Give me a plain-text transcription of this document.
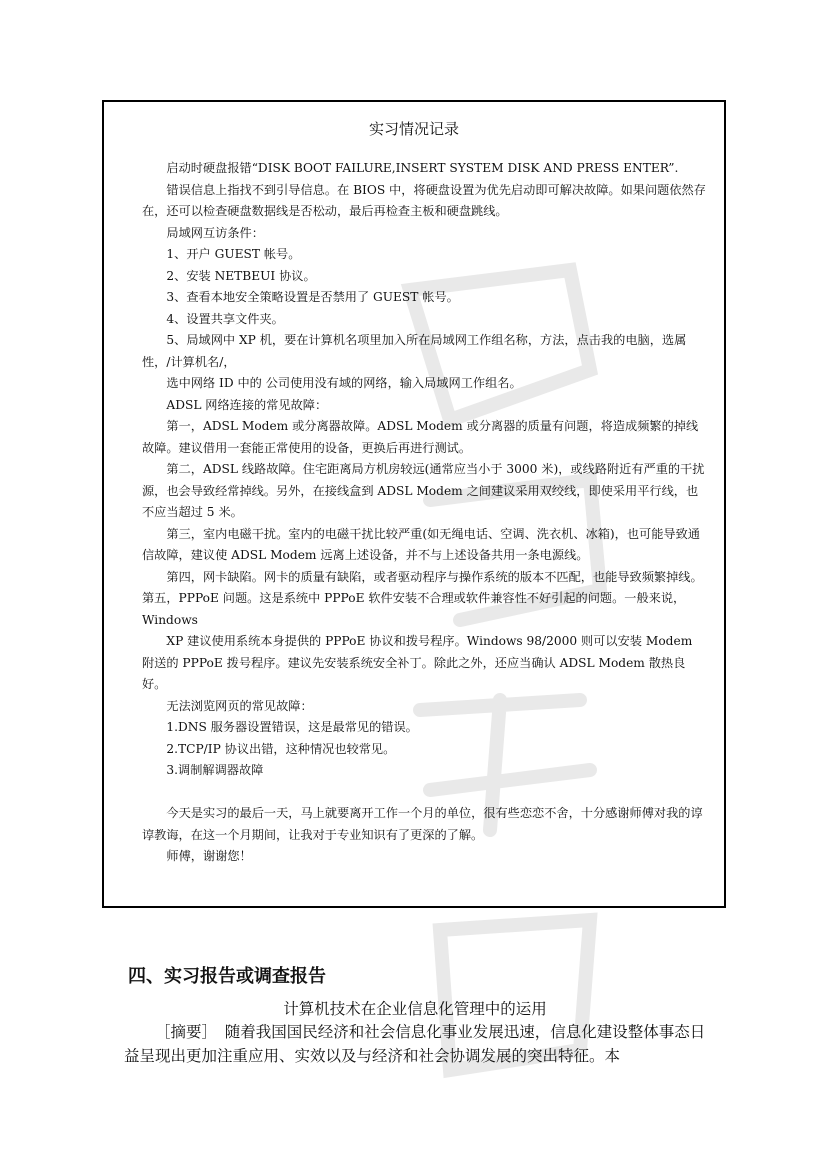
实习情况记录

启动时硬盘报错“DISK BOOT FAILURE,INSERT SYSTEM DISK AND PRESS ENTER”.

错误信息上指找不到引导信息。在 BIOS 中，将硬盘设置为优先启动即可解决故障。如果问题依然存在，还可以检查硬盘数据线是否松动，最后再检查主板和硬盘跳线。

局域网互访条件：

1、开户 GUEST 帐号。

2、安装 NETBEUI 协议。

3、查看本地安全策略设置是否禁用了 GUEST 帐号。

4、设置共享文件夹。

5、局域网中 XP 机，要在计算机名项里加入所在局域网工作组名称，方法，点击我的电脑，选属性，/计算机名/，

选中网络 ID 中的 公司使用没有域的网络，输入局域网工作组名。

ADSL 网络连接的常见故障：

第一，ADSL Modem 或分离器故障。ADSL Modem 或分离器的质量有问题，将造成频繁的掉线故障。建议借用一套能正常使用的设备，更换后再进行测试。

第二，ADSL 线路故障。住宅距离局方机房较远(通常应当小于 3000 米)，或线路附近有严重的干扰源，也会导致经常掉线。另外，在接线盒到 ADSL Modem 之间建议采用双绞线，即使采用平行线，也不应当超过 5 米。

第三，室内电磁干扰。室内的电磁干扰比较严重(如无绳电话、空调、洗衣机、冰箱)，也可能导致通信故障，建议使 ADSL Modem 远离上述设备，并不与上述设备共用一条电源线。

第四，网卡缺陷。网卡的质量有缺陷，或者驱动程序与操作系统的版本不匹配，也能导致频繁掉线。　　第五，PPPoE 问题。这是系统中 PPPoE 软件安装不合理或软件兼容性不好引起的问题。一般来说，Windows

XP 建议使用系统本身提供的 PPPoE 协议和拨号程序。Windows 98/2000 则可以安装 Modem 附送的 PPPoE 拨号程序。建议先安装系统安全补丁。除此之外，还应当确认 ADSL Modem 散热良好。

无法浏览网页的常见故障：

1.DNS 服务器设置错误，这是最常见的错误。

2.TCP/IP 协议出错，这种情况也较常见。

3.调制解调器故障

今天是实习的最后一天，马上就要离开工作一个月的单位，很有些恋恋不舍，十分感谢师傅对我的谆谆教诲，在这一个月期间，让我对于专业知识有了更深的了解。

师傅，谢谢您！

四、实习报告或调查报告
计算机技术在企业信息化管理中的运用

［摘要］　随着我国国民经济和社会信息化事业发展迅速，信息化建设整体事态日益呈现出更加注重应用、实效以及与经济和社会协调发展的突出特征。本
